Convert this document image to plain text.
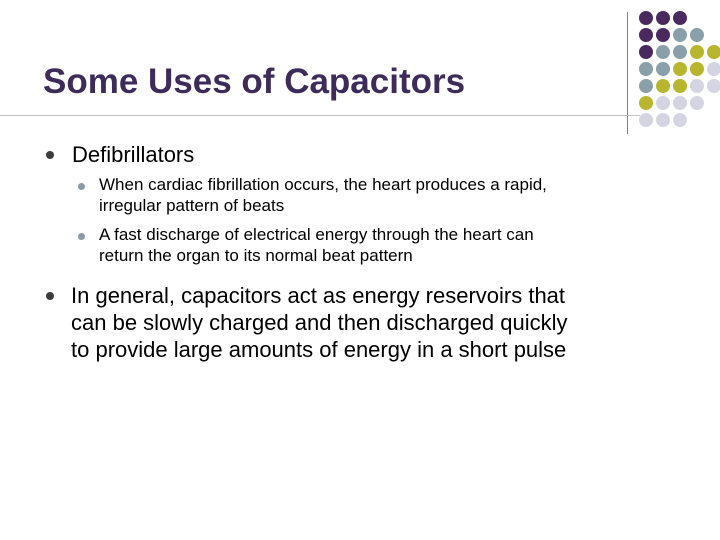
Some Uses of Capacitors
Defibrillators
When cardiac fibrillation occurs, the heart produces a rapid,
irregular pattern of beats
A fast discharge of electrical energy through the heart can
return the organ to its normal beat pattern
In general, capacitors act as energy reservoirs that
can be slowly charged and then discharged quickly
to provide large amounts of energy in a short pulse
